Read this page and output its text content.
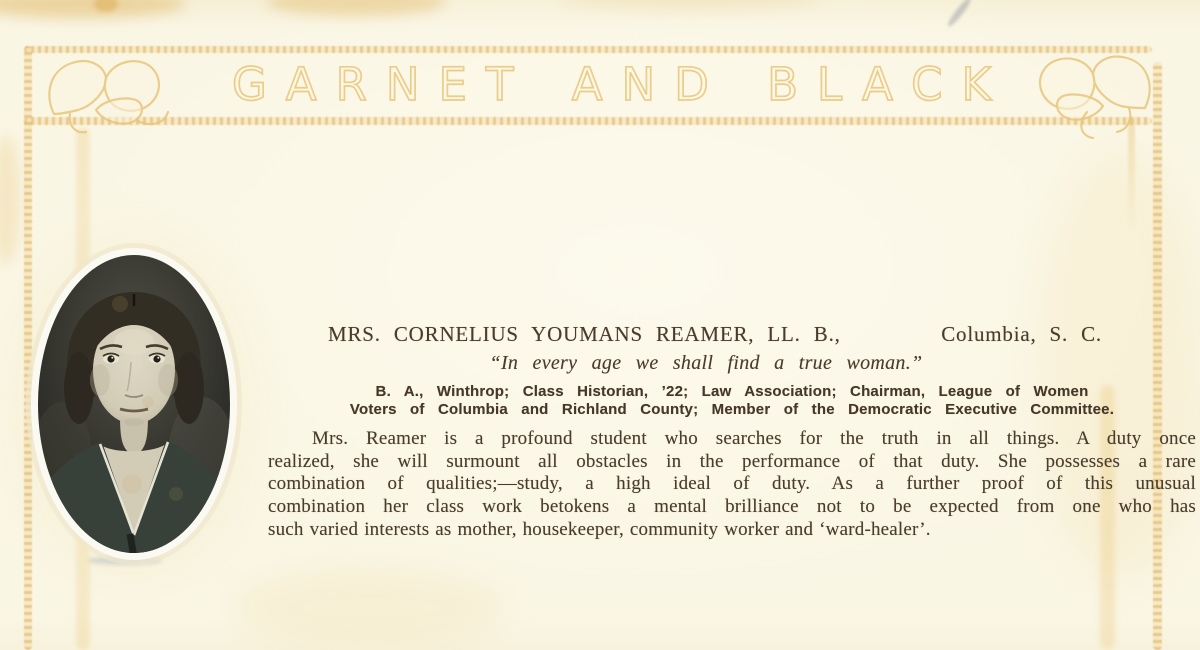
GARNET AND BLACK
MRS. CORNELIUS YOUMANS REAMER, LL. B.,	Columbia, S. C.
“In every age we shall find a true woman.”
B. A., Winthrop; Class Historian, ’22; Law Association; Chairman, League of Women
Voters of Columbia and Richland County; Member of the Democratic Executive Committee.
Mrs. Reamer is a profound student who searches for the truth in all things. A duty once
realized, she will surmount all obstacles in the performance of that duty. She possesses a rare
combination of qualities;—study, a high ideal of duty. As a further proof of this unusual
combination her class work betokens a mental brilliance not to be expected from one who has
such varied interests as mother, housekeeper, community worker and ‘ward-healer’.
